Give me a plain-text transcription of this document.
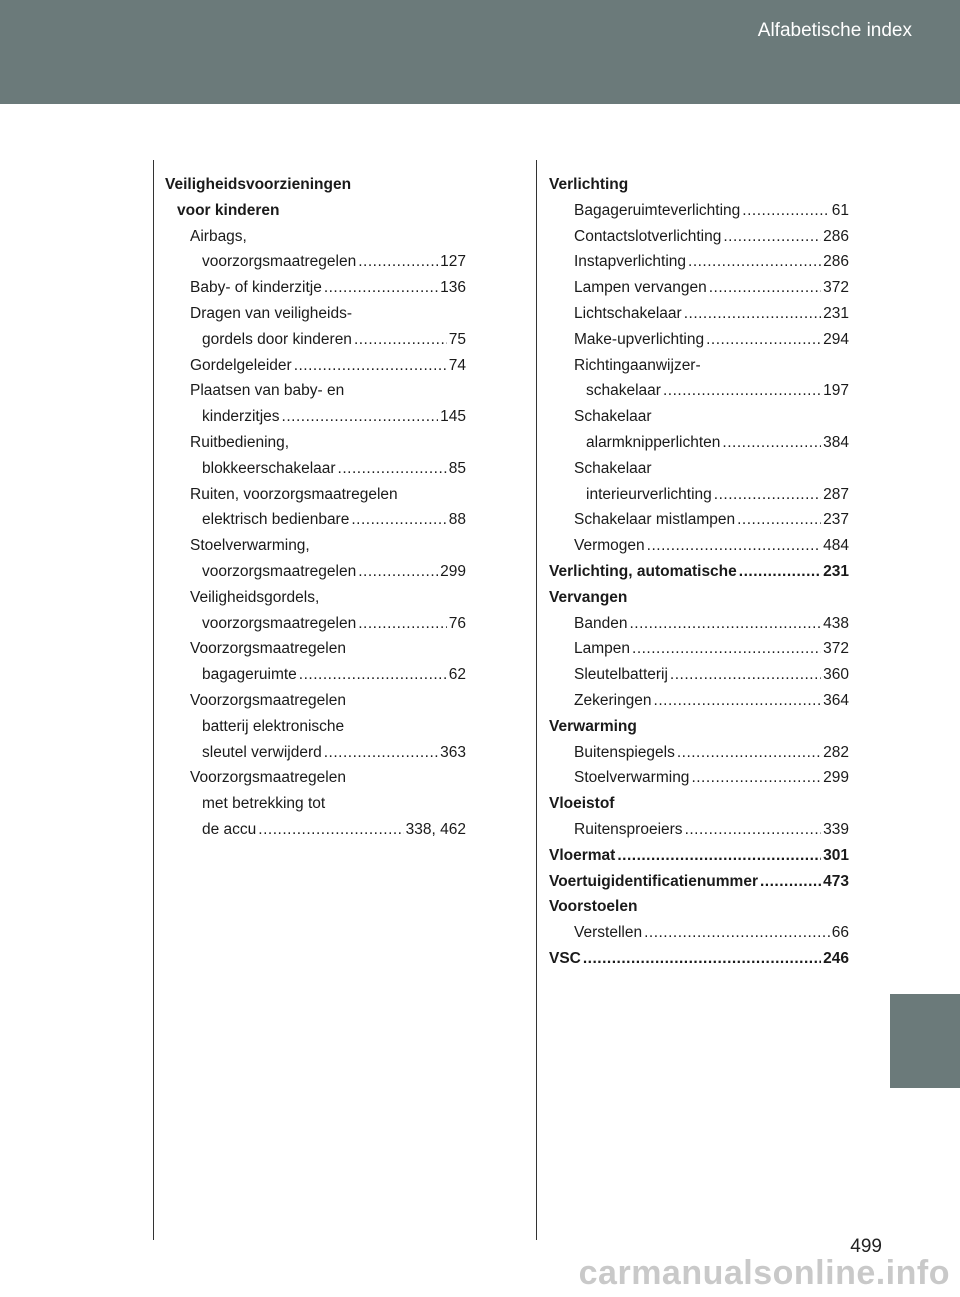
Alfabetische index
Veiligheidsvoorzieningen
voor kinderen
Airbags,
voorzorgsmaatregelen .....	127
Baby- of kinderzitje .....	136
Dragen van veiligheids-
gordels door kinderen .....	75
Gordelgeleider .....	74
Plaatsen van baby- en
kinderzitjes .....	145
Ruitbediening,
blokkeerschakelaar .....	85
Ruiten, voorzorgsmaatregelen
elektrisch bedienbare .....	88
Stoelverwarming,
voorzorgsmaatregelen .....	299
Veiligheidsgordels,
voorzorgsmaatregelen .....	76
Voorzorgsmaatregelen
bagageruimte .....	62
Voorzorgsmaatregelen
batterij elektronische
sleutel verwijderd .....	363
Voorzorgsmaatregelen
met betrekking tot
de accu .....	338, 462
Verlichting
Bagageruimteverlichting .....	61
Contactslotverlichting .....	286
Instapverlichting .....	286
Lampen vervangen .....	372
Lichtschakelaar .....	231
Make-upverlichting .....	294
Richtingaanwijzer-
schakelaar .....	197
Schakelaar
alarmknipperlichten .....	384
Schakelaar
interieurverlichting .....	287
Schakelaar mistlampen .....	237
Vermogen .....	484
Verlichting, automatische .....	231
Vervangen
Banden .....	438
Lampen .....	372
Sleutelbatterij .....	360
Zekeringen .....	364
Verwarming
Buitenspiegels .....	282
Stoelverwarming .....	299
Vloeistof
Ruitensproeiers .....	339
Vloermat .....	301
Voertuigidentificatienummer .....	473
Voorstoelen
Verstellen .....	66
VSC .....	246
499
carmanualsonline.info
